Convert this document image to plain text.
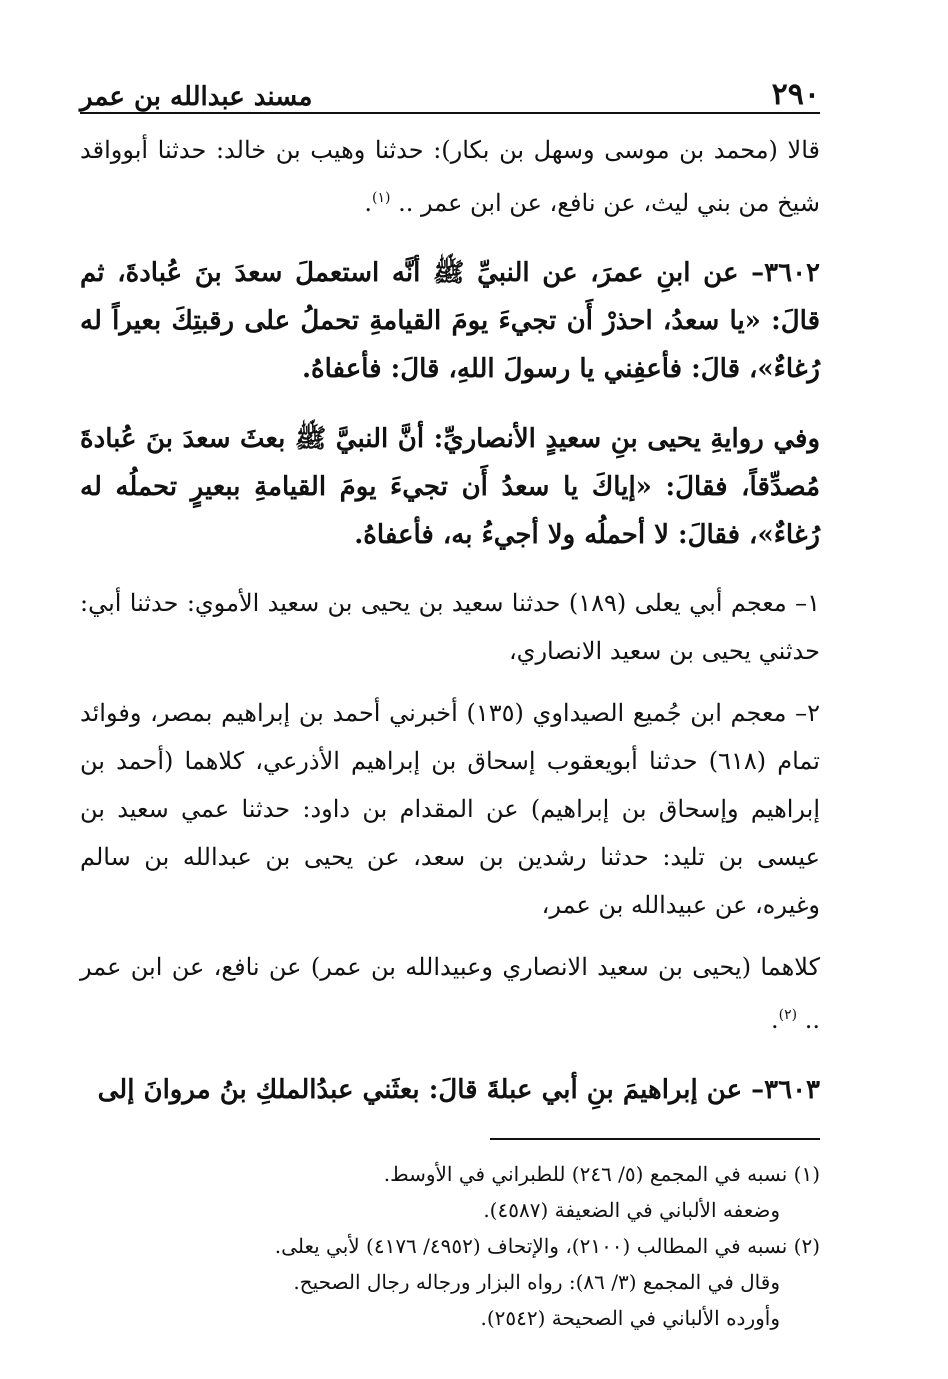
٢٩٠
مسند عبدالله بن عمر

قالا (محمد بن موسى وسهل بن بكار): حدثنا وهيب بن خالد: حدثنا أبوواقد شيخ من بني ليث، عن نافع، عن ابن عمر .. $^{(١)}$.

٣٦٠٢– عن ابنِ عمرَ، عن النبيِّ ﷺ أنَّه استعملَ سعدَ بنَ عُبادةَ، ثم قالَ: «يا سعدُ، احذرْ أَن تجيءَ يومَ القيامةِ تحملُ على رقبتِكَ بعيراً له رُغاءٌ»، قالَ: فأعفِني يا رسولَ اللهِ، قالَ: فأعفاهُ.

وفي روايةِ يحيى بنِ سعيدٍ الأنصاريِّ: أنَّ النبيَّ ﷺ بعثَ سعدَ بنَ عُبادةَ مُصدِّقاً، فقالَ: «إياكَ يا سعدُ أَن تجيءَ يومَ القيامةِ ببعيرٍ تحملُه له رُغاءٌ»، فقالَ: لا أحملُه ولا أجيءُ به، فأعفاهُ.

١– معجم أبي يعلى (١٨٩) حدثنا سعيد بن يحيى بن سعيد الأموي: حدثنا أبي: حدثني يحيى بن سعيد الانصاري،

٢– معجم ابن جُميع الصيداوي (١٣٥) أخبرني أحمد بن إبراهيم بمصر، وفوائد تمام (٦١٨) حدثنا أبويعقوب إسحاق بن إبراهيم الأذرعي، كلاهما (أحمد بن إبراهيم وإسحاق بن إبراهيم) عن المقدام بن داود: حدثنا عمي سعيد بن عيسى بن تليد: حدثنا رشدين بن سعد، عن يحيى بن عبدالله بن سالم وغيره، عن عبيدالله بن عمر،

كلاهما (يحيى بن سعيد الانصاري وعبيدالله بن عمر) عن نافع، عن ابن عمر .. $^{(٢)}$.

٣٦٠٣– عن إبراهيمَ بنِ أبي عبلةَ قالَ: بعثَني عبدُالملكِ بنُ مروانَ إلى

(١) نسبه في المجمع (٥/ ٢٤٦) للطبراني في الأوسط.
وضعفه الألباني في الضعيفة (٤٥٨٧).
(٢) نسبه في المطالب (٢١٠٠)، والإتحاف (٤٩٥٢/ ٤١٧٦) لأبي يعلى.
وقال في المجمع (٣/ ٨٦): رواه البزار ورجاله رجال الصحيح.
وأورده الألباني في الصحيحة (٢٥٤٢).
